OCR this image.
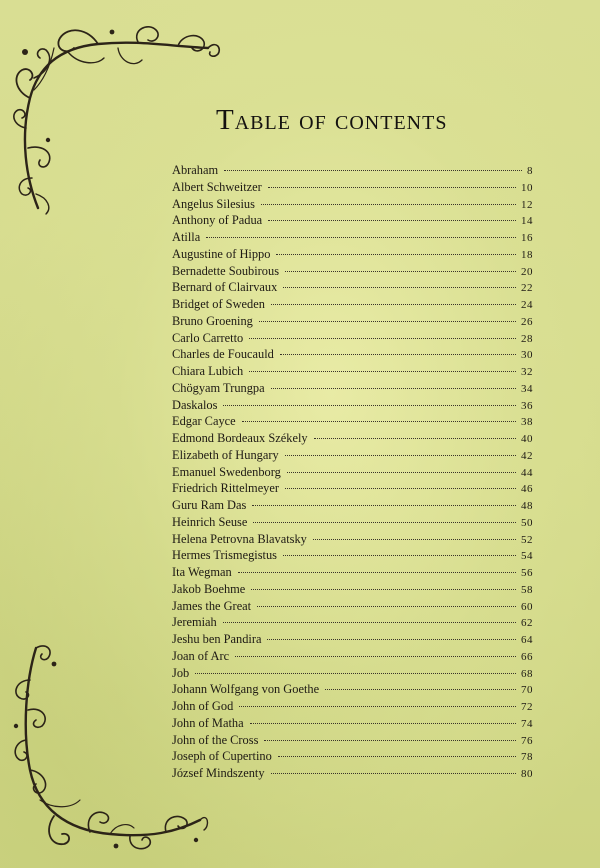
Table of contents
Abraham	8
Albert Schweitzer	10
Angelus Silesius	12
Anthony of Padua	14
Atilla	16
Augustine of Hippo	18
Bernadette Soubirous	20
Bernard of Clairvaux	22
Bridget of Sweden	24
Bruno Groening	26
Carlo Carretto	28
Charles de Foucauld	30
Chiara Lubich	32
Chögyam Trungpa	34
Daskalos	36
Edgar Cayce	38
Edmond Bordeaux Székely	40
Elizabeth of Hungary	42
Emanuel Swedenborg	44
Friedrich Rittelmeyer	46
Guru Ram Das	48
Heinrich Seuse	50
Helena Petrovna Blavatsky	52
Hermes Trismegistus	54
Ita Wegman	56
Jakob Boehme	58
James the Great	60
Jeremiah	62
Jeshu ben Pandira	64
Joan of Arc	66
Job	68
Johann Wolfgang von Goethe	70
John of God	72
John of Matha	74
John of the Cross	76
Joseph of Cupertino	78
József Mindszenty	80
